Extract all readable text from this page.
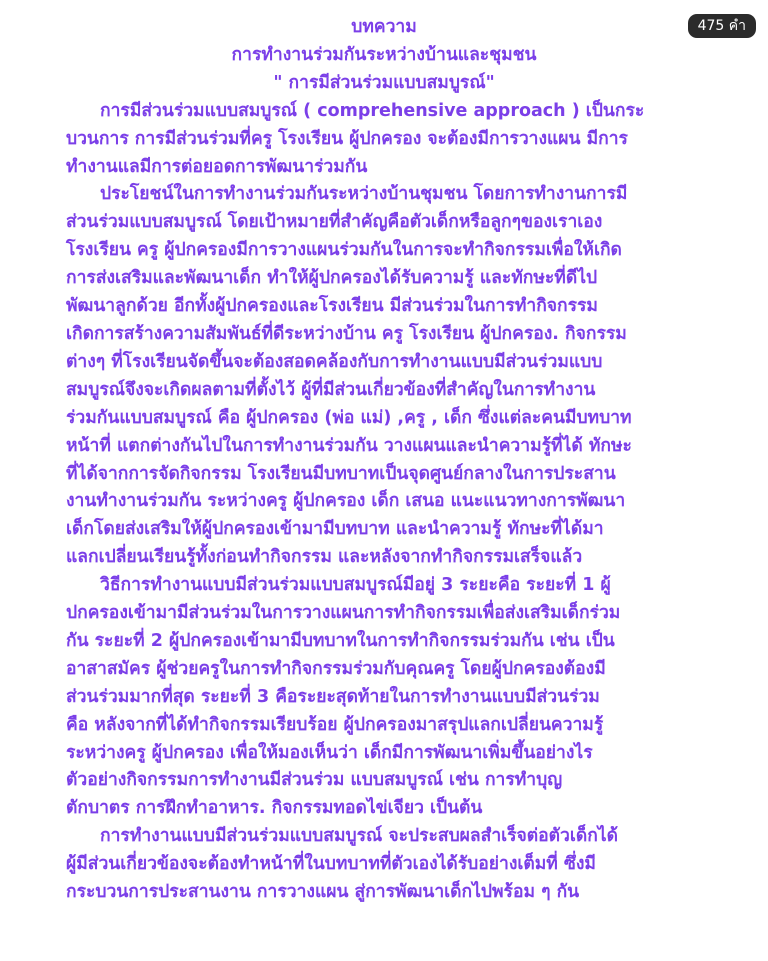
475 คำ
บทความ
การทำงานร่วมกันระหว่างบ้านและชุมชน
" การมีส่วนร่วมแบบสมบูรณ์"
การมีส่วนร่วมแบบสมบูรณ์ ( comprehensive approach ) เป็นกระ
บวนการ การมีส่วนร่วมที่ครู โรงเรียน ผู้ปกครอง จะต้องมีการวางแผน มีการ
ทำงานแลมีการต่อยอดการพัฒนาร่วมกัน
ประโยชน์ในการทำงานร่วมกันระหว่างบ้านชุมชน โดยการทำงานการมี
ส่วนร่วมแบบสมบูรณ์ โดยเป้าหมายที่สำคัญคือตัวเด็กหรือลูกๆของเราเอง
โรงเรียน ครู ผู้ปกครองมีการวางแผนร่วมกันในการจะทำกิจกรรมเพื่อให้เกิด
การส่งเสริมและพัฒนาเด็ก ทำให้ผู้ปกครองได้รับความรู้ และทักษะที่ดีไป
พัฒนาลูกด้วย อีกทั้งผู้ปกครองและโรงเรียน มีส่วนร่วมในการทำกิจกรรม
เกิดการสร้างความสัมพันธ์ที่ดีระหว่างบ้าน ครู โรงเรียน ผู้ปกครอง. กิจกรรม
ต่างๆ ที่โรงเรียนจัดขึ้นจะต้องสอดคล้องกับการทำงานแบบมีส่วนร่วมแบบ
สมบูรณ์จึงจะเกิดผลตามที่ตั้งไว้ ผู้ที่มีส่วนเกี่ยวข้องที่สำคัญในการทำงาน
ร่วมกันแบบสมบูรณ์ คือ ผู้ปกครอง (พ่อ แม่) ,ครู , เด็ก ซึ่งแต่ละคนมีบทบาท
หน้าที่ แตกต่างกันไปในการทำงานร่วมกัน วางแผนและนำความรู้ที่ได้ ทักษะ
ที่ได้จากการจัดกิจกรรม โรงเรียนมีบทบาทเป็นจุดศูนย์กลางในการประสาน
งานทำงานร่วมกัน ระหว่างครู ผู้ปกครอง เด็ก เสนอ แนะแนวทางการพัฒนา
เด็กโดยส่งเสริมให้ผู้ปกครองเข้ามามีบทบาท และนำความรู้ ทักษะที่ได้มา
แลกเปลี่ยนเรียนรู้ทั้งก่อนทำกิจกรรม และหลังจากทำกิจกรรมเสร็จแล้ว
วิธีการทำงานแบบมีส่วนร่วมแบบสมบูรณ์มีอยู่ 3 ระยะคือ ระยะที่ 1 ผู้
ปกครองเข้ามามีส่วนร่วมในการวางแผนการทำกิจกรรมเพื่อส่งเสริมเด็กร่วม
กัน ระยะที่ 2 ผู้ปกครองเข้ามามีบทบาทในการทำกิจกรรมร่วมกัน เช่น เป็น
อาสาสมัคร ผู้ช่วยครูในการทำกิจกรรมร่วมกับคุณครู โดยผู้ปกครองต้องมี
ส่วนร่วมมากที่สุด ระยะที่ 3 คือระยะสุดท้ายในการทำงานแบบมีส่วนร่วม
คือ หลังจากที่ได้ทำกิจกรรมเรียบร้อย ผู้ปกครองมาสรุปแลกเปลี่ยนความรู้
ระหว่างครู ผู้ปกครอง เพื่อให้มองเห็นว่า เด็กมีการพัฒนาเพิ่มขึ้นอย่างไร
ตัวอย่างกิจกรรมการทำงานมีส่วนร่วม แบบสมบูรณ์ เช่น การทำบุญ
ตักบาตร การฝึกทำอาหาร. กิจกรรมทอดไข่เจียว เป็นต้น
การทำงานแบบมีส่วนร่วมแบบสมบูรณ์ จะประสบผลสำเร็จต่อตัวเด็กได้
ผู้มีส่วนเกี่ยวข้องจะต้องทำหน้าที่ในบทบาทที่ตัวเองได้รับอย่างเต็มที่ ซึ่งมี
กระบวนการประสานงาน การวางแผน สู่การพัฒนาเด็กไปพร้อม ๆ กัน
